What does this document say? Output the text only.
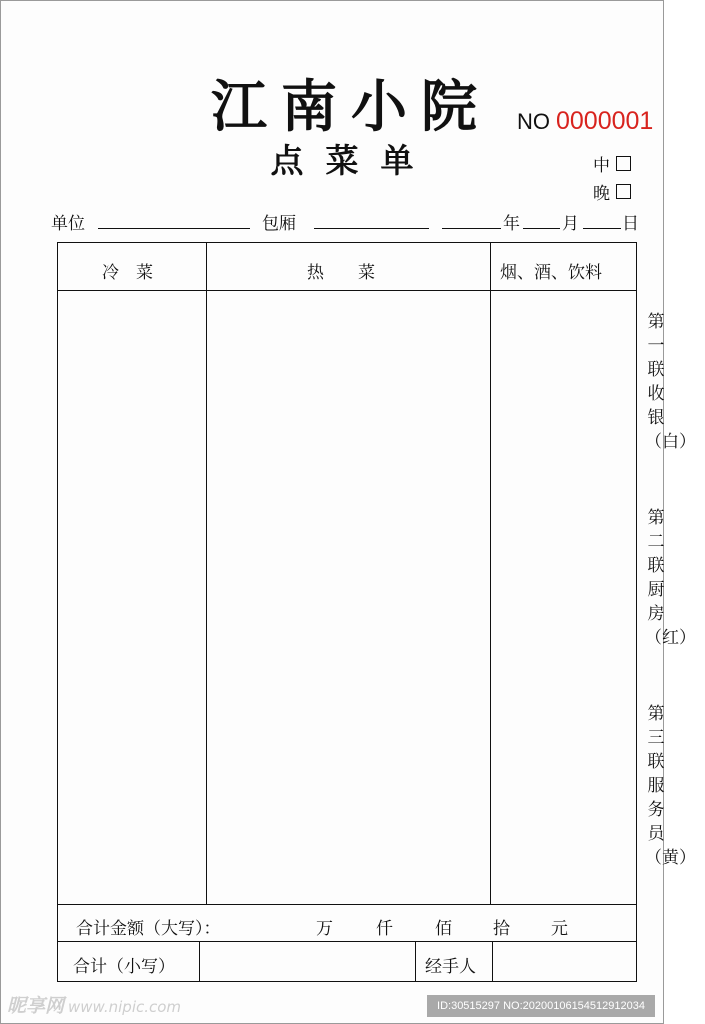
江南小院
点菜单
NO 0000001
中
晚
单位	包厢	年 月	日
冷　菜	热　　菜	烟、酒、饮料
合计金额（大写）：	万	仟 佰 拾 元
合计（小写）	经手人
第一联收银（白）
第二联厨房（红）
第三联服务员（黄）
昵享网 www.nipic.com	ID:30515297 NO:20200106154512912034
